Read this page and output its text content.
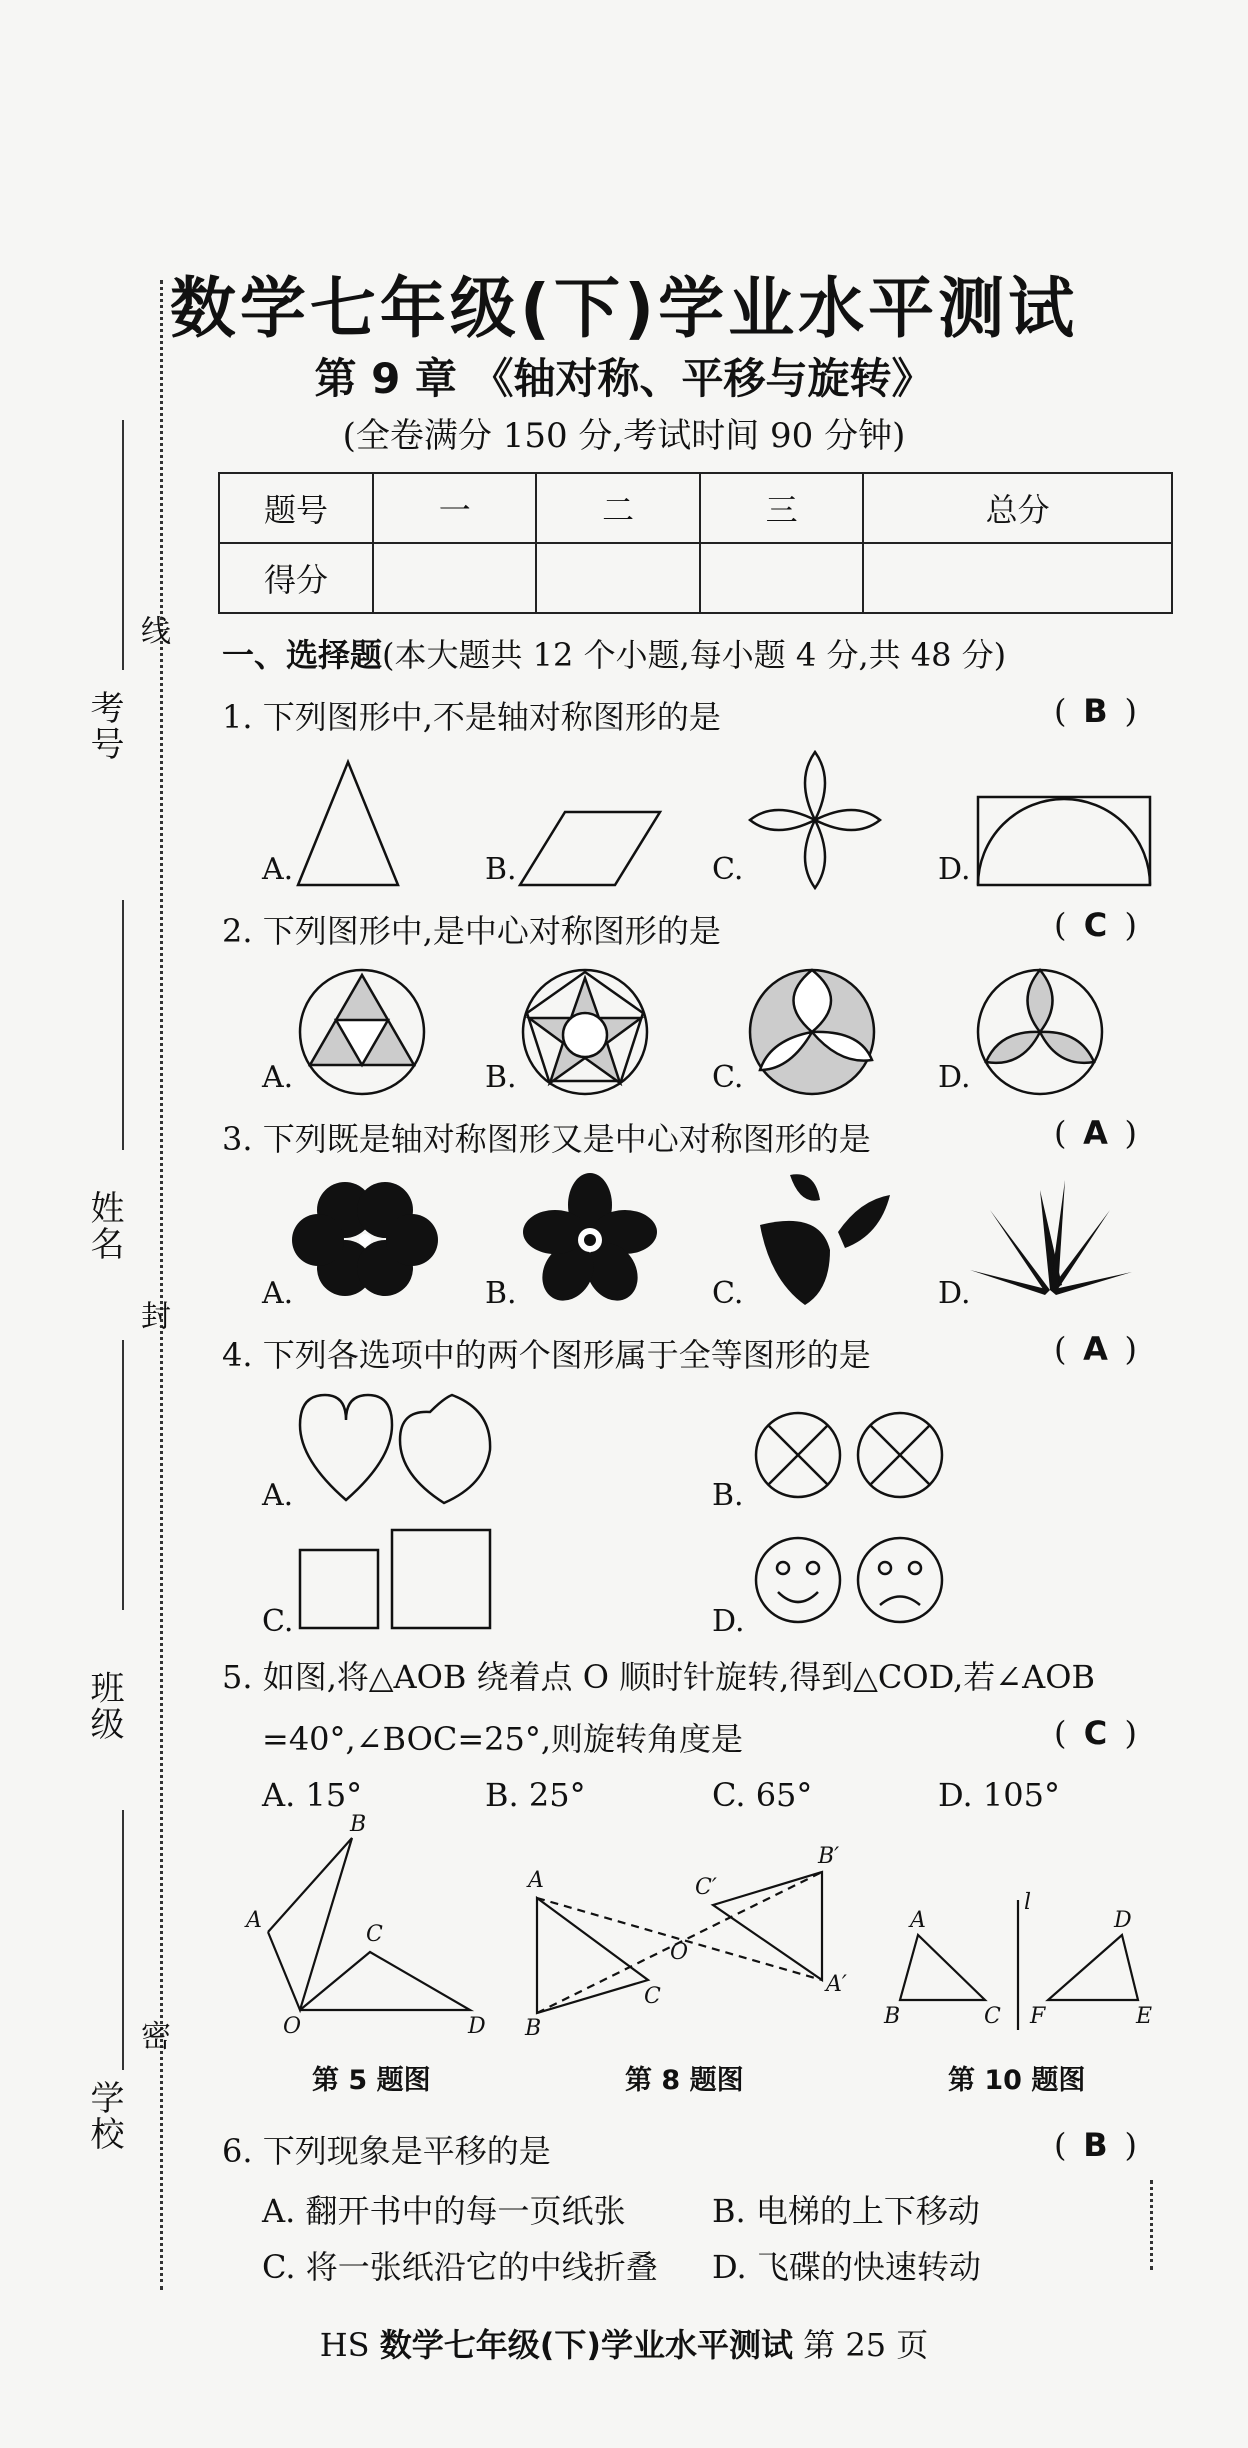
考号
线
姓名
封
班级
学校
密
数学七年级(下)学业水平测试
第 9 章 《轴对称、平移与旋转》
(全卷满分 150 分,考试时间 90 分钟)
题号	一	二	三	总分
得分				
一、选择题(本大题共 12 个小题,每小题 4 分,共 48 分)
1. 下列图形中,不是轴对称图形的是	( B )
A.	B.	C.	D.
2. 下列图形中,是中心对称图形的是	( C )
A.	B.	C.	D.
3. 下列既是轴对称图形又是中心对称图形的是	( A )
A.	B.	C.	D.
4. 下列各选项中的两个图形属于全等图形的是	( A )
A.	B.
C.	D.
5. 如图,将△AOB 绕着点 O 顺时针旋转,得到△COD,若∠AOB
=40°,∠BOC=25°,则旋转角度是	( C )
A. 15°	B. 25°	C. 65°	D. 105°
第 5 题图	第 8 题图	第 10 题图
A
B
C
O	D
A
B
C
C′
B′
A′
O
A
B	C
l
D
F	E
6. 下列现象是平移的是	( B )
A. 翻开书中的每一页纸张	B. 电梯的上下移动
C. 将一张纸沿它的中线折叠 D. 飞碟的快速转动
HS 数学七年级(下)学业水平测试 第 25 页
